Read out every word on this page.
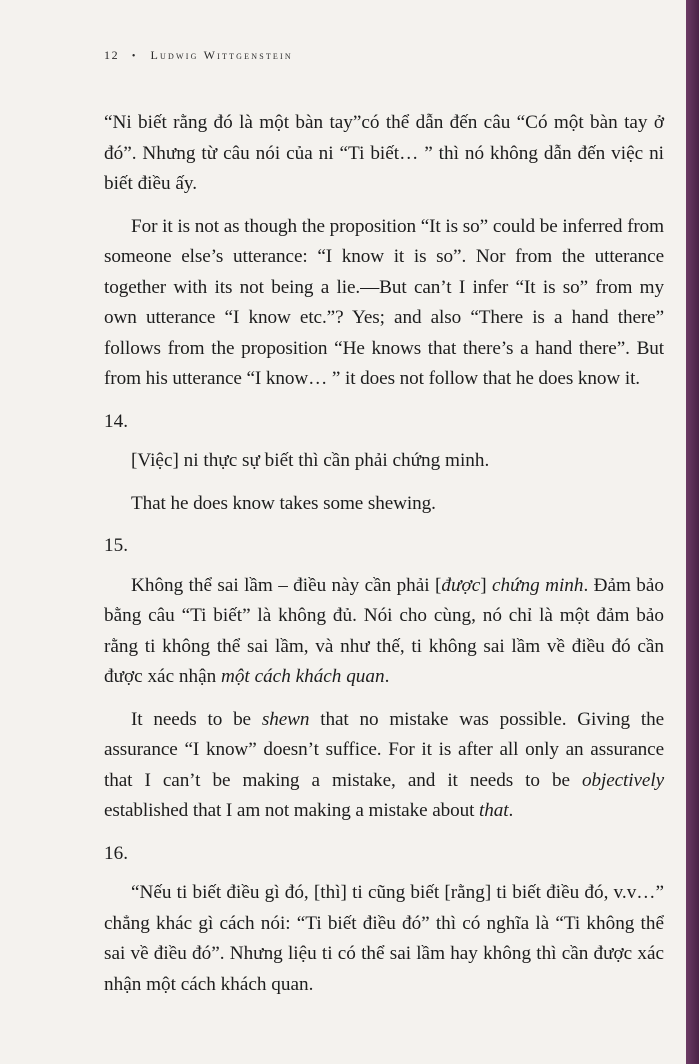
12 • Ludwig Wittgenstein

“Ni biết rằng đó là một bàn tay”có thể dẫn đến câu “Có một bàn tay ở đó”. Nhưng từ câu nói của ni “Ti biết… ” thì nó không dẫn đến việc ni biết điều ấy.

For it is not as though the proposition “It is so” could be inferred from someone else’s utterance: “I know it is so”. Nor from the utterance together with its not being a lie.—But can’t I infer “It is so” from my own utterance “I know etc.”? Yes; and also “There is a hand there” follows from the proposition “He knows that there’s a hand there”. But from his utterance “I know… ” it does not follow that he does know it.

14.

[Việc] ni thực sự biết thì cần phải chứng minh.

That he does know takes some shewing.

15.

Không thể sai lầm – điều này cần phải [được] chứng minh. Đảm bảo bằng câu “Ti biết” là không đủ. Nói cho cùng, nó chỉ là một đảm bảo rằng ti không thể sai lầm, và như thế, ti không sai lầm về điều đó cần được xác nhận một cách khách quan.

It needs to be shewn that no mistake was possible. Giving the assurance “I know” doesn’t suffice. For it is after all only an assurance that I can’t be making a mistake, and it needs to be objectively established that I am not making a mistake about that.

16.

“Nếu ti biết điều gì đó, [thì] ti cũng biết [rằng] ti biết điều đó, v.v…” chẳng khác gì cách nói: “Ti biết điều đó” thì có nghĩa là “Ti không thể sai về điều đó”. Nhưng liệu ti có thể sai lầm hay không thì cần được xác nhận một cách khách quan.
